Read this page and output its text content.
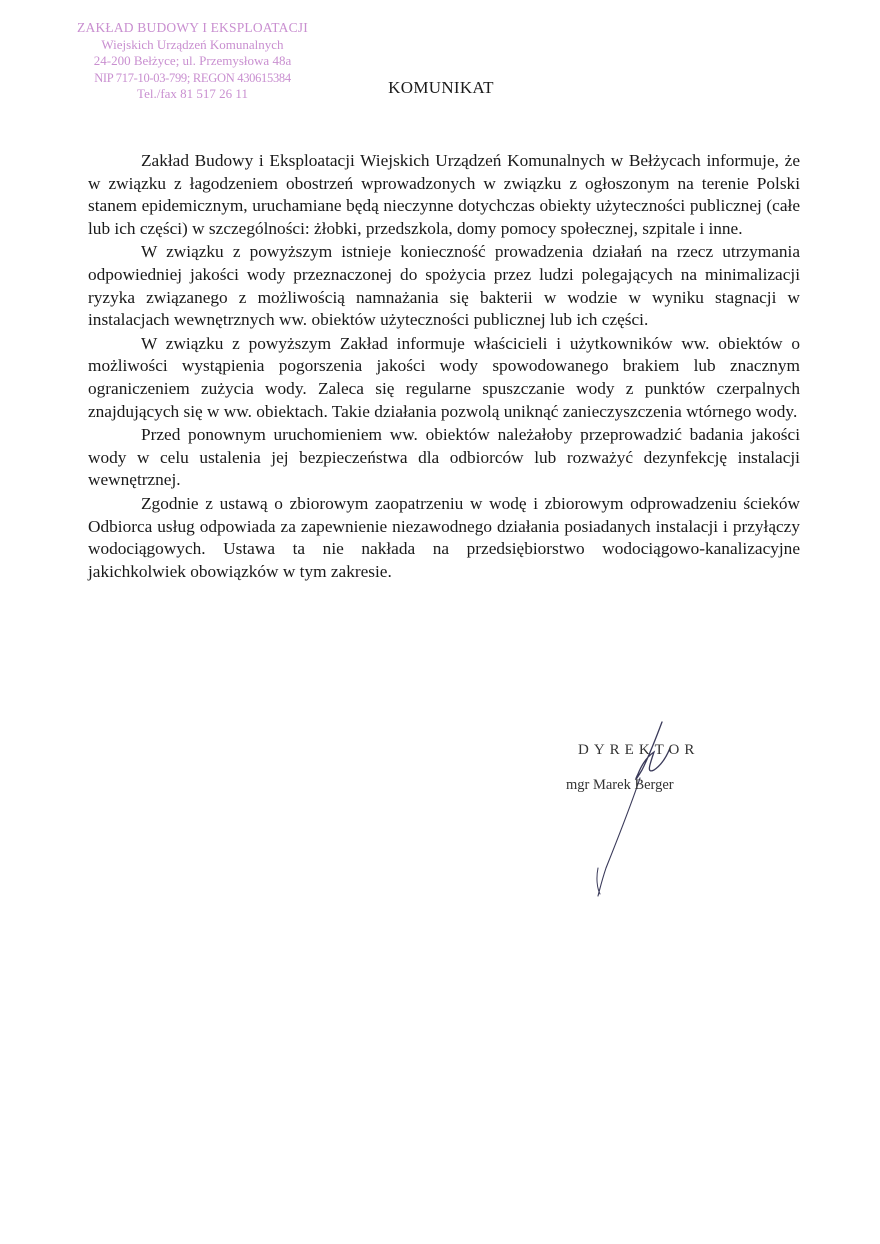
ZAKŁAD BUDOWY I EKSPLOATACJI
Wiejskich Urządzeń Komunalnych
24-200 Bełżyce; ul. Przemysłowa 48a
NIP 717-10-03-799; REGON 430615384
Tel./fax 81 517 26 11	KOMUNIKAT

Zakład Budowy i Eksploatacji Wiejskich Urządzeń Komunalnych w Bełżycach informuje, że w związku z łagodzeniem obostrzeń wprowadzonych w związku z ogłoszonym na terenie Polski stanem epidemicznym, uruchamiane będą nieczynne dotychczas obiekty użyteczności publicznej (całe lub ich części) w szczególności: żłobki, przedszkola, domy pomocy społecznej, szpitale i inne.

W związku z powyższym istnieje konieczność prowadzenia działań na rzecz utrzymania odpowiedniej jakości wody przeznaczonej do spożycia przez ludzi polegających na minimalizacji ryzyka związanego z możliwością namnażania się bakterii w wodzie w wyniku stagnacji w instalacjach wewnętrznych ww. obiektów użyteczności publicznej lub ich części.

W związku z powyższym Zakład informuje właścicieli i użytkowników ww. obiektów o możliwości wystąpienia pogorszenia jakości wody spowodowanego brakiem lub znacznym ograniczeniem zużycia wody. Zaleca się regularne spuszczanie wody z punktów czerpalnych znajdujących się w ww. obiektach. Takie działania pozwolą uniknąć zanieczyszczenia wtórnego wody.

Przed ponownym uruchomieniem ww. obiektów należałoby przeprowadzić badania jakości wody w celu ustalenia jej bezpieczeństwa dla odbiorców lub rozważyć dezynfekcję instalacji wewnętrznej.

Zgodnie z ustawą o zbiorowym zaopatrzeniu w wodę i zbiorowym odprowadzeniu ścieków Odbiorca usług odpowiada za zapewnienie niezawodnego działania posiadanych instalacji i przyłączy wodociągowych. Ustawa ta nie nakłada na przedsiębiorstwo wodociągowo-kanalizacyjne jakichkolwiek obowiązków w tym zakresie.

DYREKTOR
mgr Marek Berger
